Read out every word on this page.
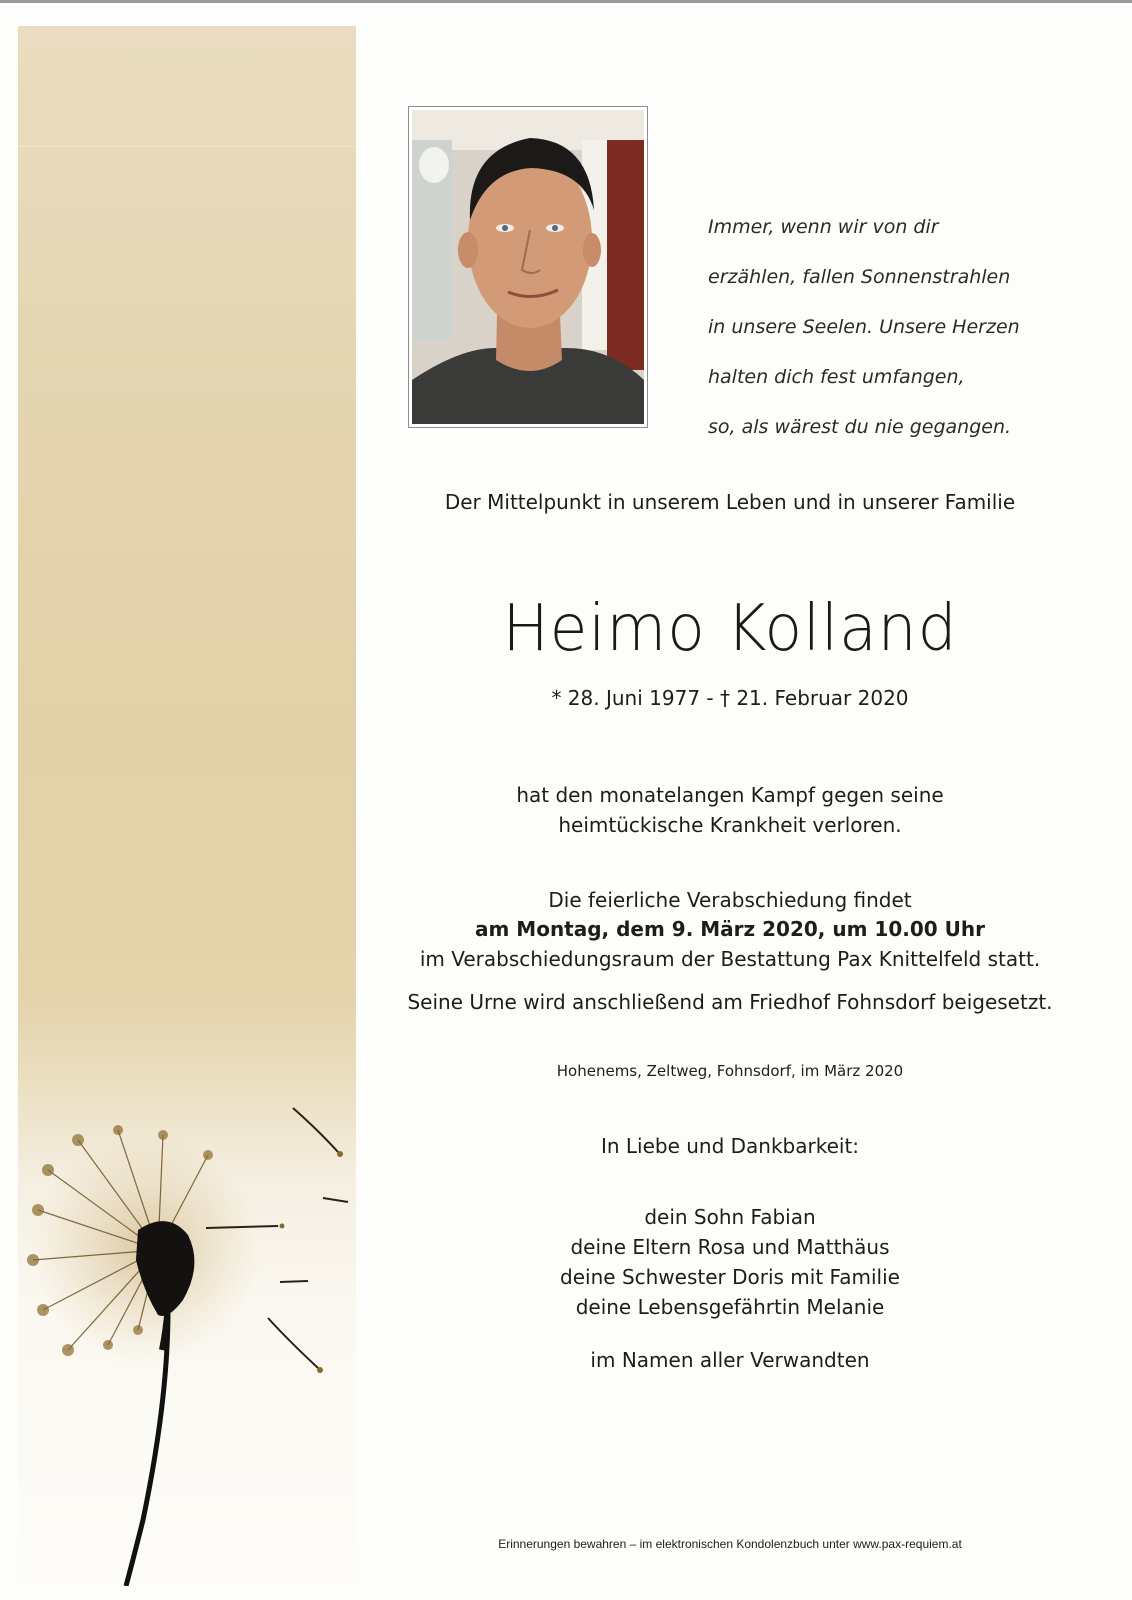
Immer, wenn wir von dir

erzählen, fallen Sonnenstrahlen

in unsere Seelen. Unsere Herzen

halten dich fest umfangen,

so, als wärest du nie gegangen.

Der Mittelpunkt in unserem Leben und in unserer Familie
Heimo Kolland
* 28. Juni 1977 - † 21. Februar 2020
hat den monatelangen Kampf gegen seine
heimtückische Krankheit verloren.
Die feierliche Verabschiedung findet
am Montag, dem 9. März 2020, um 10.00 Uhr
im Verabschiedungsraum der Bestattung Pax Knittelfeld statt.
Seine Urne wird anschließend am Friedhof Fohnsdorf beigesetzt.
Hohenems, Zeltweg, Fohnsdorf, im März 2020
In Liebe und Dankbarkeit:
dein Sohn Fabian
deine Eltern Rosa und Matthäus
deine Schwester Doris mit Familie
deine Lebensgefährtin Melanie
im Namen aller Verwandten
Erinnerungen bewahren – im elektronischen Kondolenzbuch unter www.pax-requiem.at
